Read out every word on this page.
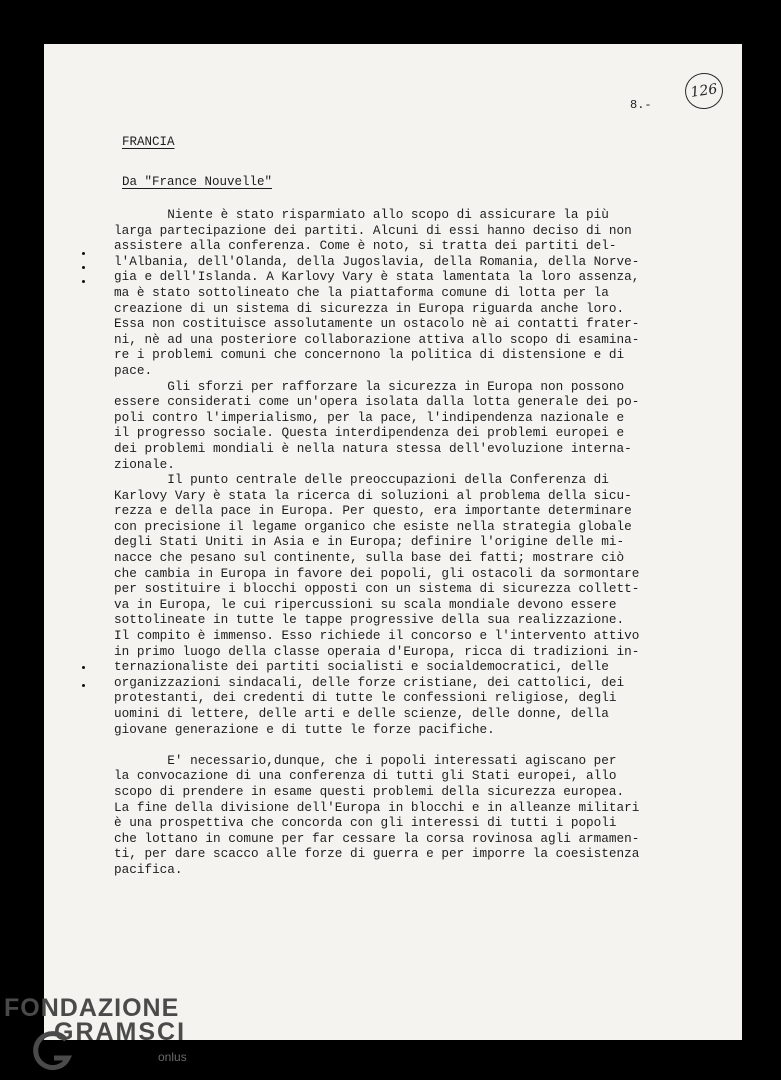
126
8.-
FRANCIA
Da "France Nouvelle"
Niente è stato risparmiato allo scopo di assicurare la più
larga partecipazione dei partiti. Alcuni di essi hanno deciso di non
assistere alla conferenza. Come è noto, si tratta dei partiti del-
l'Albania, dell'Olanda, della Jugoslavia, della Romania, della Norve-
gia e dell'Islanda. A Karlovy Vary è stata lamentata la loro assenza,
ma è stato sottolineato che la piattaforma comune di lotta per la
creazione di un sistema di sicurezza in Europa riguarda anche loro.
Essa non costituisce assolutamente un ostacolo nè ai contatti frater-
ni, nè ad una posteriore collaborazione attiva allo scopo di esamina-
re i problemi comuni che concernono la politica di distensione e di
pace.
Gli sforzi per rafforzare la sicurezza in Europa non possono
essere considerati come un'opera isolata dalla lotta generale dei po-
poli contro l'imperialismo, per la pace, l'indipendenza nazionale e
il progresso sociale. Questa interdipendenza dei problemi europei e
dei problemi mondiali è nella natura stessa dell'evoluzione interna-
zionale.
Il punto centrale delle preoccupazioni della Conferenza di
Karlovy Vary è stata la ricerca di soluzioni al problema della sicu-
rezza e della pace in Europa. Per questo, era importante determinare
con precisione il legame organico che esiste nella strategia globale
degli Stati Uniti in Asia e in Europa; definire l'origine delle mi-
nacce che pesano sul continente, sulla base dei fatti; mostrare ciò
che cambia in Europa in favore dei popoli, gli ostacoli da sormontare
per sostituire i blocchi opposti con un sistema di sicurezza collett-
va in Europa, le cui ripercussioni su scala mondiale devono essere
sottolineate in tutte le tappe progressive della sua realizzazione.
Il compito è immenso. Esso richiede il concorso e l'intervento attivo
in primo luogo della classe operaia d'Europa, ricca di tradizioni in-
ternazionaliste dei partiti socialisti e socialdemocratici, delle
organizzazioni sindacali, delle forze cristiane, dei cattolici, dei
protestanti, dei credenti di tutte le confessioni religiose, degli
uomini di lettere, delle arti e delle scienze, delle donne, della
giovane generazione e di tutte le forze pacifiche.
E' necessario,dunque, che i popoli interessati agiscano per
la convocazione di una conferenza di tutti gli Stati europei, allo
scopo di prendere in esame questi problemi della sicurezza europea.
La fine della divisione dell'Europa in blocchi e in alleanze militari
è una prospettiva che concorda con gli interessi di tutti i popoli
che lottano in comune per far cessare la corsa rovinosa agli armamen-
ti, per dare scacco alle forze di guerra e per imporre la coesistenza
pacifica.
FONDAZIONE
GRAMSCI
onlus
